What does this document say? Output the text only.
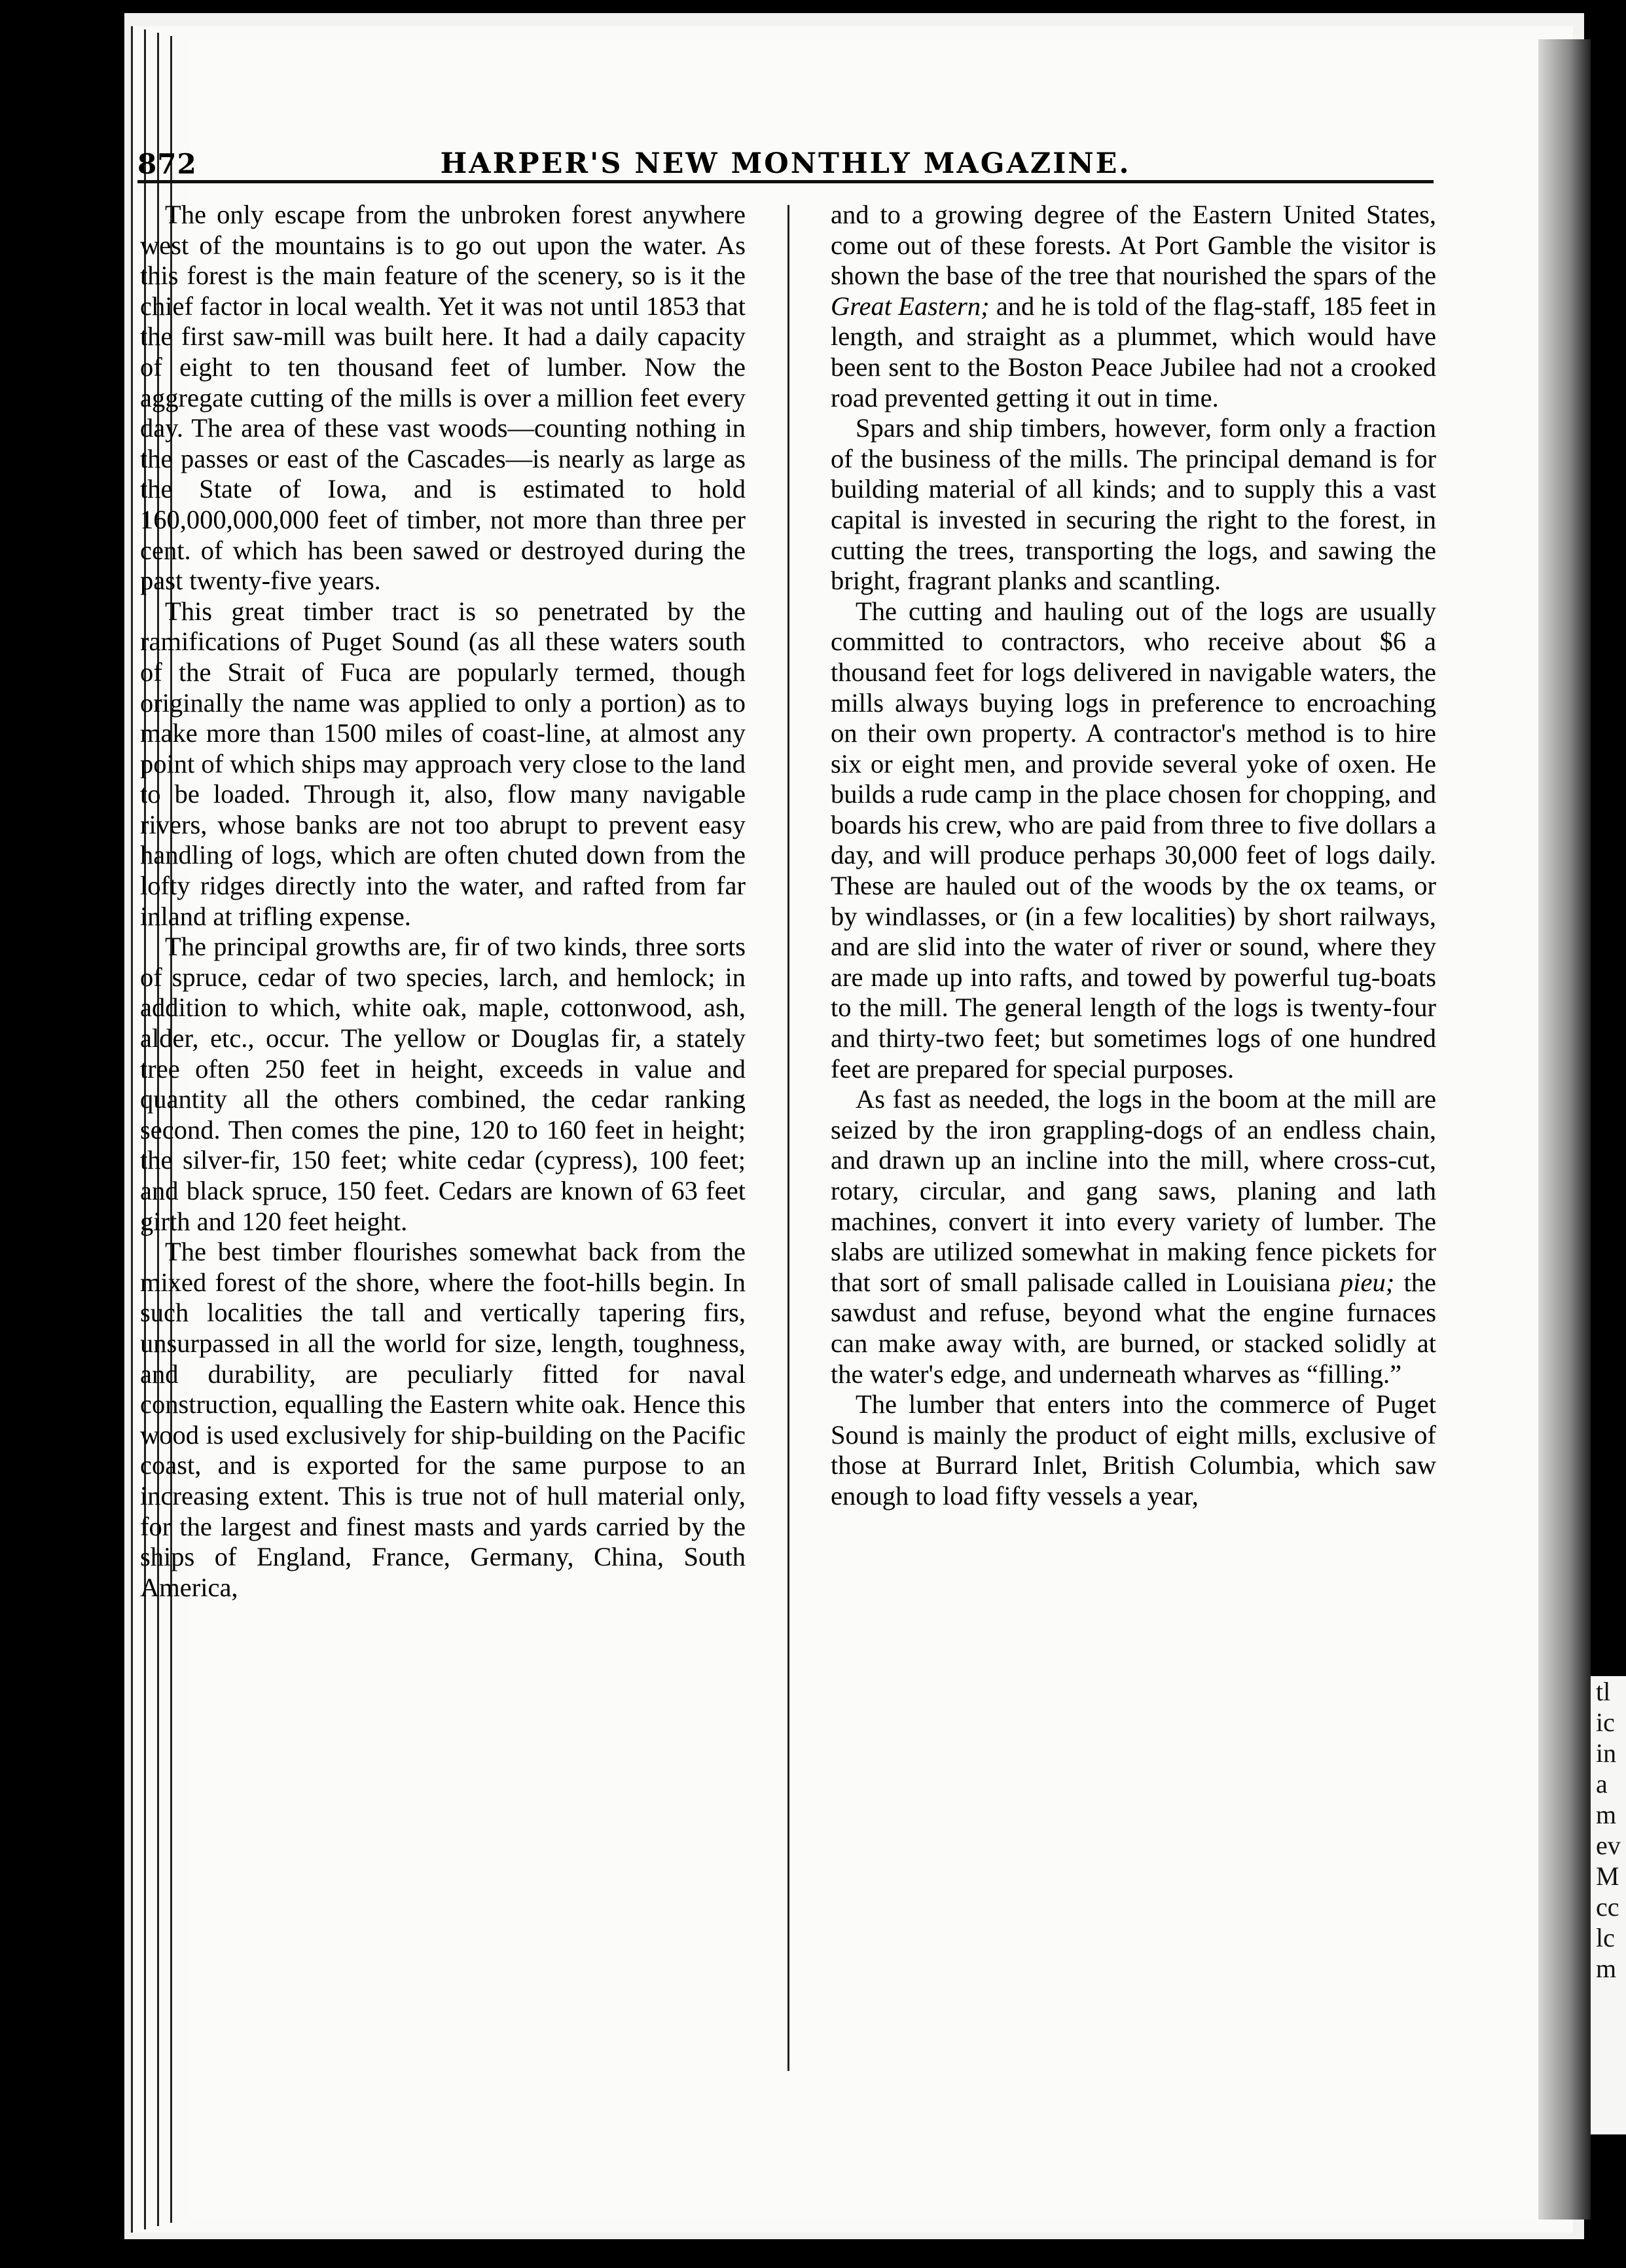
872	HARPER'S NEW MONTHLY MAGAZINE.

The only escape from the unbroken forest anywhere west of the mountains is to go out upon the water. As this forest is the main feature of the scenery, so is it the chief factor in local wealth. Yet it was not until 1853 that the first saw-mill was built here. It had a daily capacity of eight to ten thousand feet of lumber. Now the aggregate cutting of the mills is over a million feet every day. The area of these vast woods—counting nothing in the passes or east of the Cascades—is nearly as large as the State of Iowa, and is estimated to hold 160,000,000,000 feet of timber, not more than three per cent. of which has been sawed or destroyed during the past twenty-five years.

This great timber tract is so penetrated by the ramifications of Puget Sound (as all these waters south of the Strait of Fuca are popularly termed, though originally the name was applied to only a portion) as to make more than 1500 miles of coast-line, at almost any point of which ships may approach very close to the land to be loaded. Through it, also, flow many navigable rivers, whose banks are not too abrupt to prevent easy handling of logs, which are often chuted down from the lofty ridges directly into the water, and rafted from far inland at trifling expense.

The principal growths are, fir of two kinds, three sorts of spruce, cedar of two species, larch, and hemlock; in addition to which, white oak, maple, cottonwood, ash, alder, etc., occur. The yellow or Douglas fir, a stately tree often 250 feet in height, exceeds in value and quantity all the others combined, the cedar ranking second. Then comes the pine, 120 to 160 feet in height; the silver-fir, 150 feet; white cedar (cypress), 100 feet; and black spruce, 150 feet. Cedars are known of 63 feet girth and 120 feet height.

The best timber flourishes somewhat back from the mixed forest of the shore, where the foot-hills begin. In such localities the tall and vertically tapering firs, unsurpassed in all the world for size, length, toughness, and durability, are peculiarly fitted for naval construction, equalling the Eastern white oak. Hence this wood is used exclusively for ship-building on the Pacific coast, and is exported for the same purpose to an increasing extent. This is true not of hull material only, for the largest and finest masts and yards carried by the ships of England, France, Germany, China, South America,

and to a growing degree of the Eastern United States, come out of these forests. At Port Gamble the visitor is shown the base of the tree that nourished the spars of the Great Eastern; and he is told of the flag-staff, 185 feet in length, and straight as a plummet, which would have been sent to the Boston Peace Jubilee had not a crooked road prevented getting it out in time.

Spars and ship timbers, however, form only a fraction of the business of the mills. The principal demand is for building material of all kinds; and to supply this a vast capital is invested in securing the right to the forest, in cutting the trees, transporting the logs, and sawing the bright, fragrant planks and scantling.

The cutting and hauling out of the logs are usually committed to contractors, who receive about $6 a thousand feet for logs delivered in navigable waters, the mills always buying logs in preference to encroaching on their own property. A contractor's method is to hire six or eight men, and provide several yoke of oxen. He builds a rude camp in the place chosen for chopping, and boards his crew, who are paid from three to five dollars a day, and will produce perhaps 30,000 feet of logs daily. These are hauled out of the woods by the ox teams, or by windlasses, or (in a few localities) by short railways, and are slid into the water of river or sound, where they are made up into rafts, and towed by powerful tug-boats to the mill. The general length of the logs is twenty-four and thirty-two feet; but sometimes logs of one hundred feet are prepared for special purposes.

As fast as needed, the logs in the boom at the mill are seized by the iron grappling-dogs of an endless chain, and drawn up an incline into the mill, where cross-cut, rotary, circular, and gang saws, planing and lath machines, convert it into every variety of lumber. The slabs are utilized somewhat in making fence pickets for that sort of small palisade called in Louisiana pieu; the sawdust and refuse, beyond what the engine furnaces can make away with, are burned, or stacked solidly at the water's edge, and underneath wharves as “filling.”

The lumber that enters into the commerce of Puget Sound is mainly the product of eight mills, exclusive of those at Burrard Inlet, British Columbia, which saw enough to load fifty vessels a year,

tl
ic
in
a
m
ev
M
cc
lc
m
